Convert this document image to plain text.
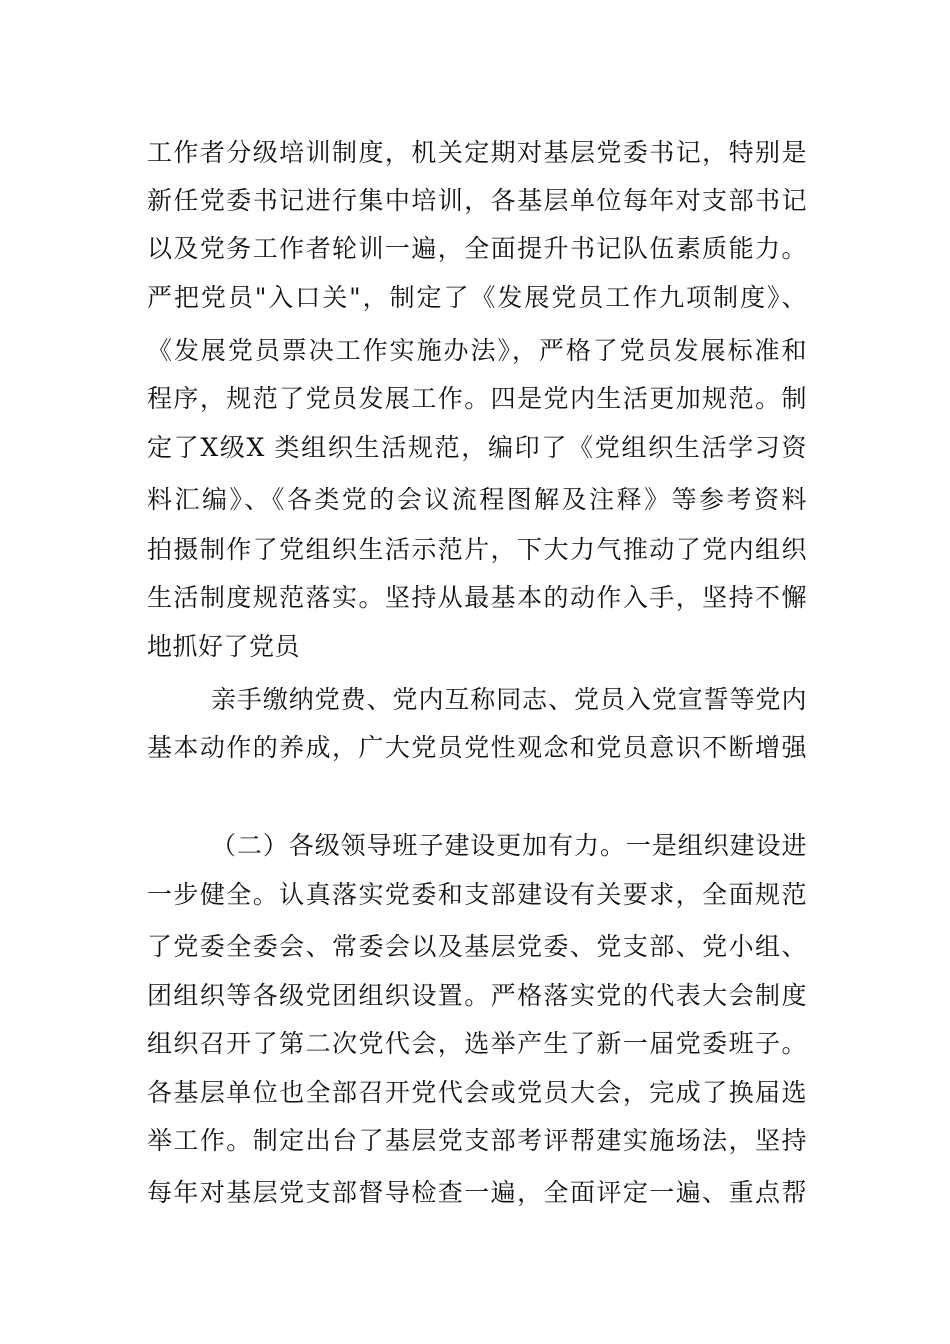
工作者分级培训制度，机关定期对基层党委书记，特别是
新任党委书记进行集中培训，各基层单位每年对支部书记
以及党务工作者轮训一遍，全面提升书记队伍素质能力。
严把党员"入口关"，制定了《发展党员工作九项制度》、
《发展党员票决工作实施办法》，严格了党员发展标准和
程序，规范了党员发展工作。四是党内生活更加规范。制
定了X级X 类组织生活规范，编印了《党组织生活学习资
料汇编》、《各类党的会议流程图解及注释》等参考资料
拍摄制作了党组织生活示范片，下大力气推动了党内组织
生活制度规范落实。坚持从最基本的动作入手，坚持不懈
地抓好了党员
亲手缴纳党费、党内互称同志、党员入党宣誓等党内
基本动作的养成，广大党员党性观念和党员意识不断增强
（二）各级领导班子建设更加有力。一是组织建设进
一步健全。认真落实党委和支部建设有关要求，全面规范
了党委全委会、常委会以及基层党委、党支部、党小组、
团组织等各级党团组织设置。严格落实党的代表大会制度
组织召开了第二次党代会，选举产生了新一届党委班子。
各基层单位也全部召开党代会或党员大会，完成了换届选
举工作。制定出台了基层党支部考评帮建实施场法，坚持
每年对基层党支部督导检查一遍，全面评定一遍、重点帮
